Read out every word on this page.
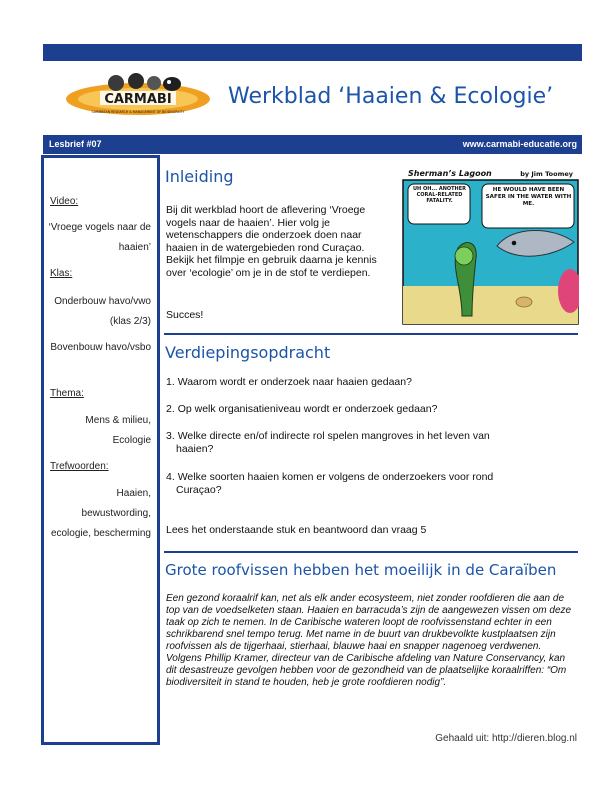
CARMABI
CARIBBEAN RESEARCH & MANAGEMENT OF BIODIVERSITY
Werkblad ‘Haaien & Ecologie’
Lesbrief #07	www.carmabi-educatie.org
Video:
‘Vroege vogels naar de haaien’
Klas:
Onderbouw havo/vwo (klas 2/3)
Bovenbouw havo/vsbo
Thema:
Mens & milieu, Ecologie
Trefwoorden:
Haaien, bewustwording, ecologie, bescherming
Inleiding
Bij dit werkblad hoort de aflevering ‘Vroege vogels naar de haaien’. Hier volg je wetenschappers die onderzoek doen naar haaien in de watergebieden rond Curaçao. Bekijk het filmpje en gebruik daarna je kennis over ‘ecologie’ om je in de stof te verdiepen.
Succes!
Sherman’s Lagoon	by Jim Toomey
UH OH... ANOTHER CORAL-RELATED FATALITY.
HE WOULD HAVE BEEN SAFER IN THE WATER WITH ME.
Verdiepingsopdracht
1. Waarom wordt er onderzoek naar haaien gedaan?
2. Op welk organisatieniveau wordt er onderzoek gedaan?
3. Welke directe en/of indirecte rol spelen mangroves in het leven van
haaien?
4. Welke soorten haaien komen er volgens de onderzoekers voor rond
Curaçao?
Lees het onderstaande stuk en beantwoord dan vraag 5
Grote roofvissen hebben het moeilijk in de Caraïben
Een gezond koraalrif kan, net als elk ander ecosysteem, niet zonder roofdieren die aan de top van de voedselketen staan. Haaien en barracuda’s zijn de aangewezen vissen om deze taak op zich te nemen. In de Caribische wateren loopt de roofvissenstand echter in een schrikbarend snel tempo terug. Met name in de buurt van drukbevolkte kustplaatsen zijn roofvissen als de tijgerhaai, stierhaai, blauwe haai en snapper nagenoeg verdwenen. Volgens Phillip Kramer, directeur van de Caribische afdeling van Nature Conservancy, kan dit desastreuze gevolgen hebben voor de gezondheid van de plaatselijke koraalriffen: “Om biodiversiteit in stand te houden, heb je grote roofdieren nodig”.
Gehaald uit: http://dieren.blog.nl
